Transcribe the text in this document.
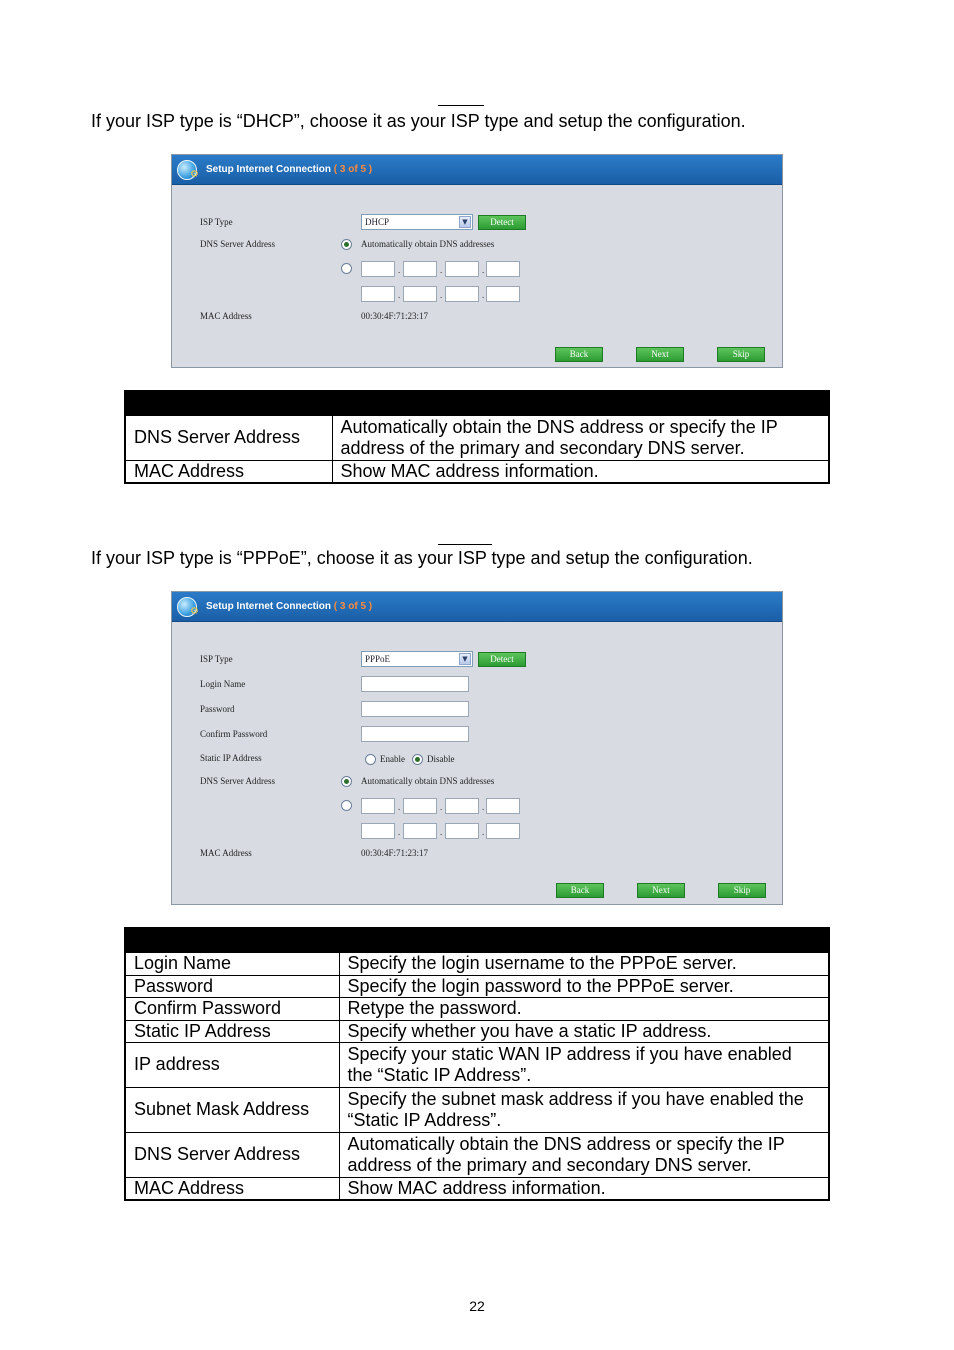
If your ISP type is “DHCP”, choose it as your ISP type and setup the configuration.

⚙ Setup Internet Connection ( 3 of 5 )
ISP Type	DHCP	▼	Detect
DNS Server Address	Automatically obtain DNS addresses
.	.	.
.	.	.
MAC Address	00:30:4F:71:23:17
Back	Next	Skip

DNS Server Address	Automatically obtain the DNS address or specify the IP address of the primary and secondary DNS server.
MAC Address	Show MAC address information.

If your ISP type is “PPPoE”, choose it as your ISP type and setup the configuration.

⚙ Setup Internet Connection ( 3 of 5 )
ISP Type	PPPoE	▼	Detect
Login Name
Password
Confirm Password
Static IP Address	Enable Disable
DNS Server Address	Automatically obtain DNS addresses
.	.	.
.	.	.
MAC Address	00:30:4F:71:23:17
Back	Next	Skip

Login Name	Specify the login username to the PPPoE server.
Password	Specify the login password to the PPPoE server.
Confirm Password	Retype the password.
Static IP Address	Specify whether you have a static IP address.
IP address	Specify your static WAN IP address if you have enabled the “Static IP Address”.
Subnet Mask Address	Specify the subnet mask address if you have enabled the “Static IP Address”.
DNS Server Address	Automatically obtain the DNS address or specify the IP address of the primary and secondary DNS server.
MAC Address	Show MAC address information.
22
